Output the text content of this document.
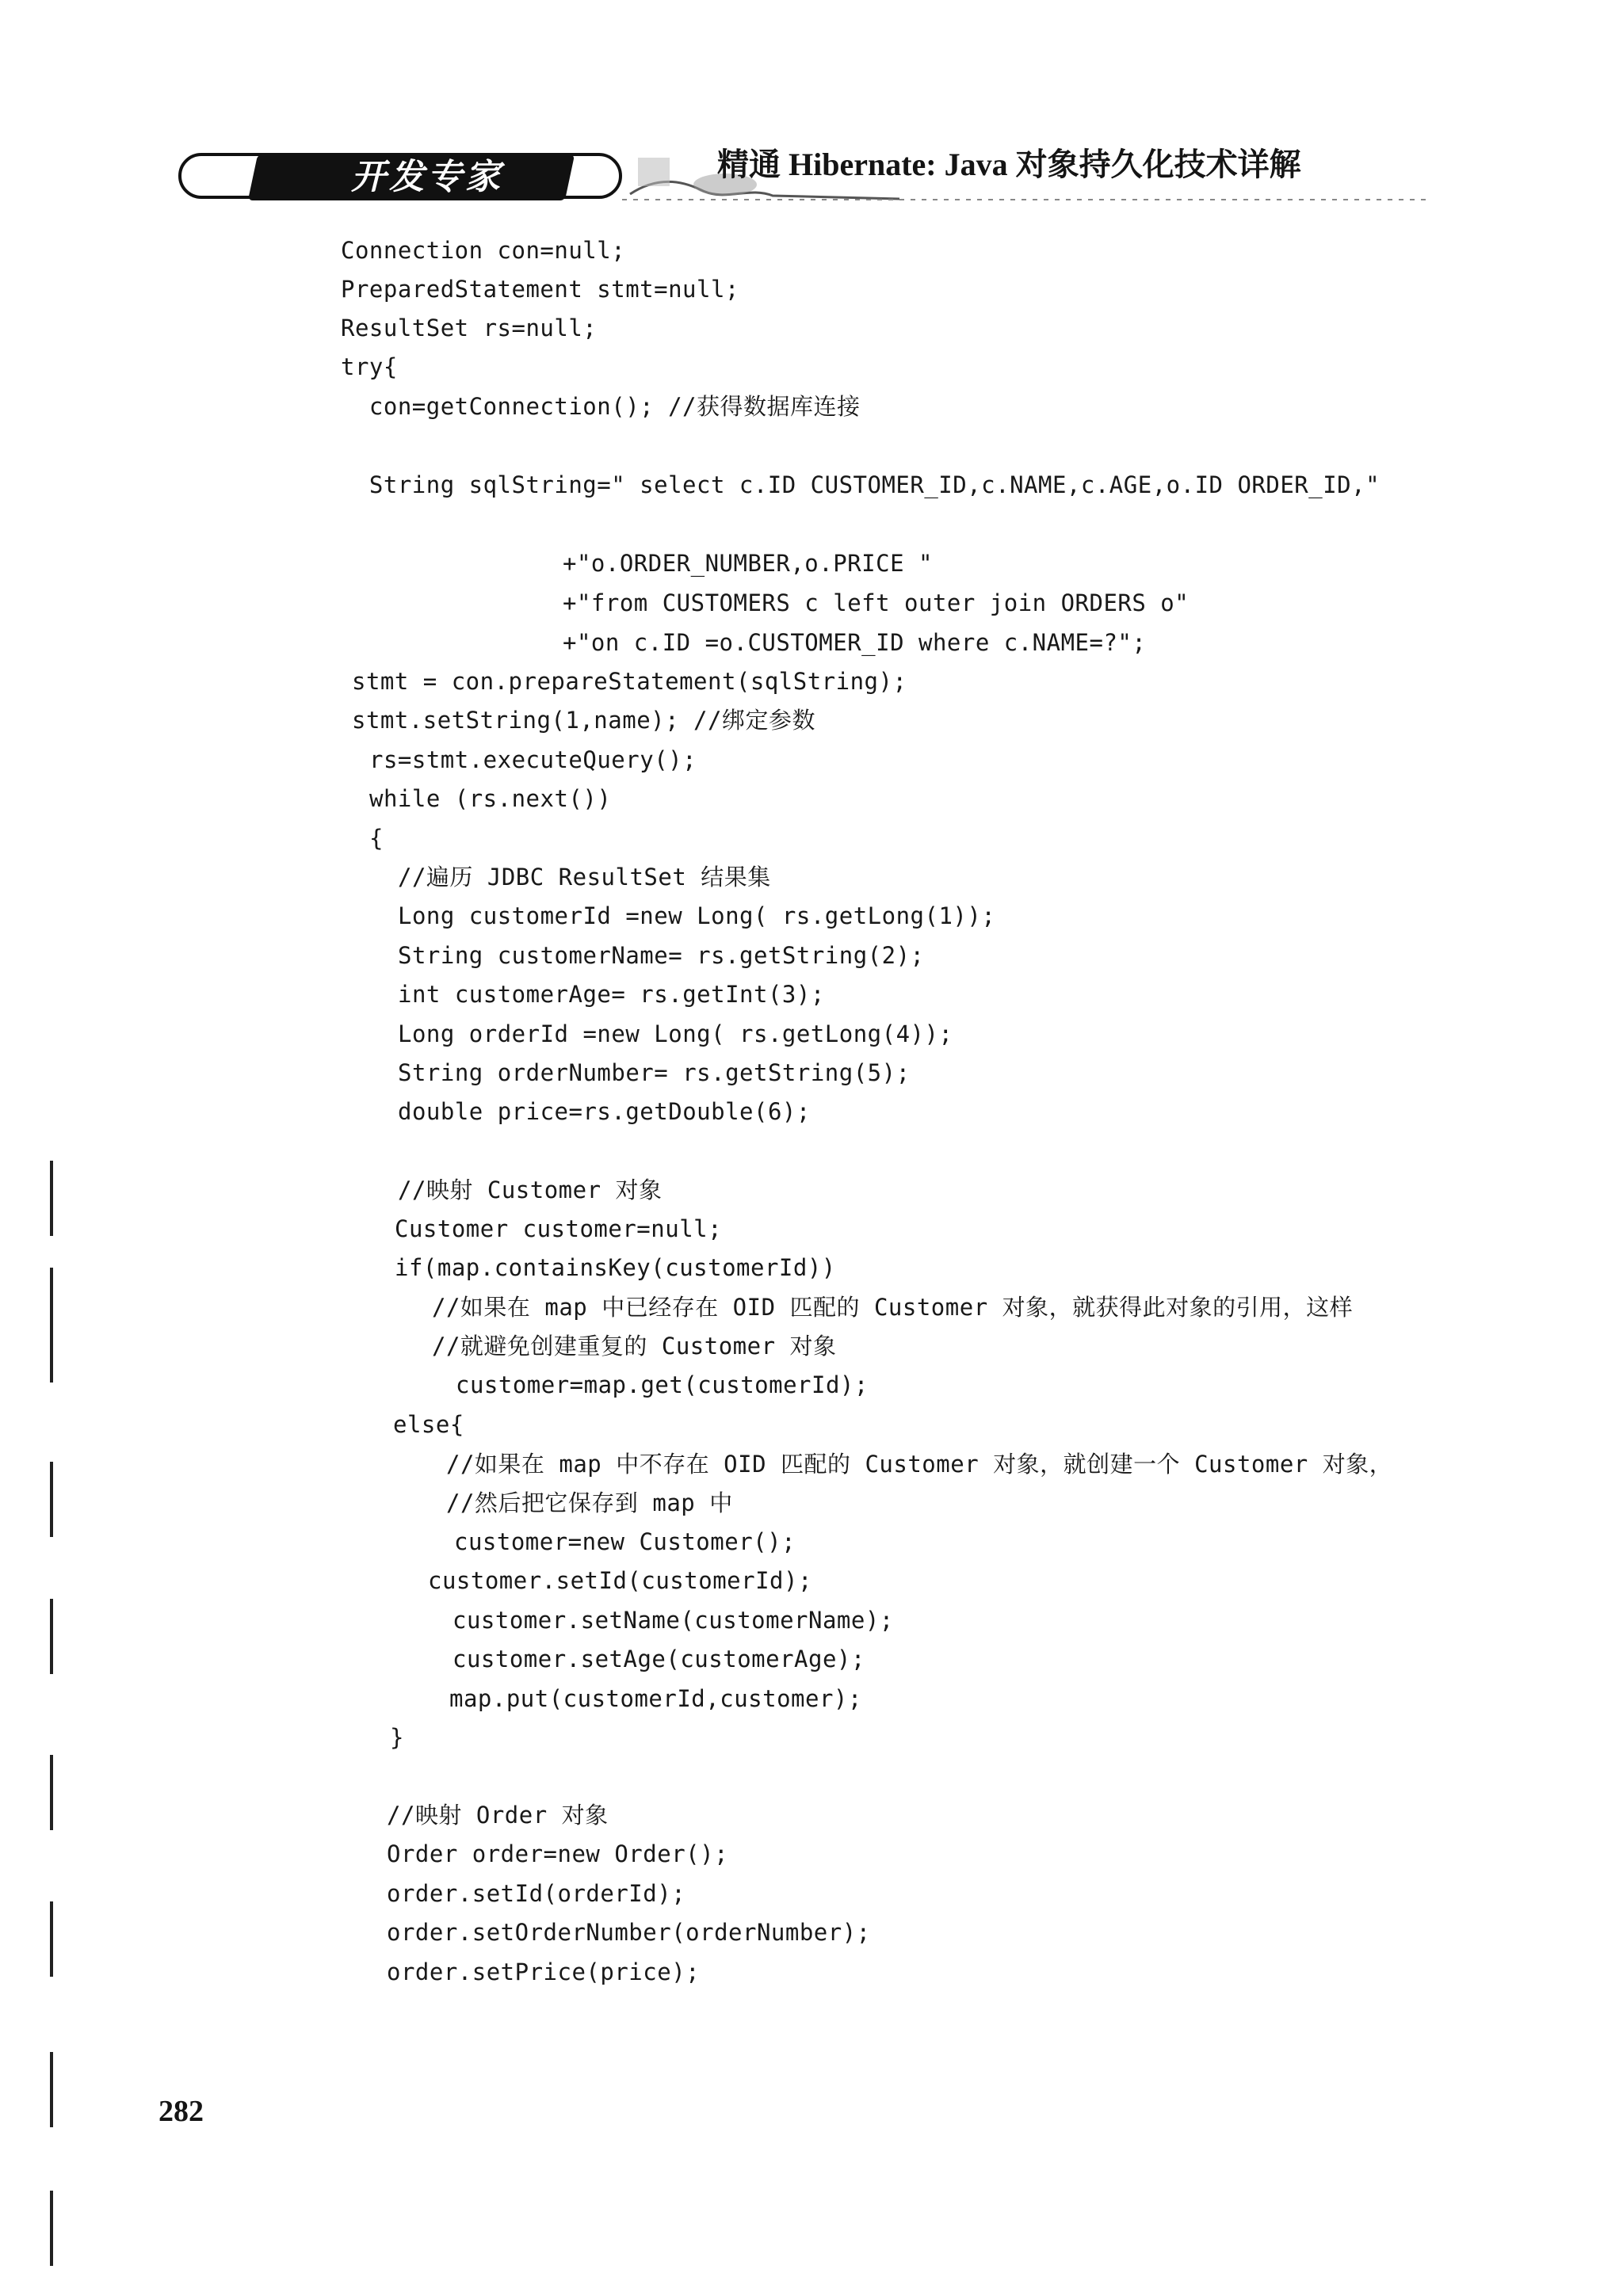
开发专家	精通 Hibernate: Java 对象持久化技术详解
Connection con=null;
PreparedStatement stmt=null;
ResultSet rs=null;
try{
con=getConnection(); //获得数据库连接
String sqlString=" select c.ID CUSTOMER_ID,c.NAME,c.AGE,o.ID ORDER_ID,"
+"o.ORDER_NUMBER,o.PRICE "
+"from CUSTOMERS c left outer join ORDERS o"
+"on c.ID =o.CUSTOMER_ID where c.NAME=?";
stmt = con.prepareStatement(sqlString);
stmt.setString(1,name); //绑定参数
rs=stmt.executeQuery();
while (rs.next())
{
//遍历 JDBC ResultSet 结果集
Long customerId =new Long( rs.getLong(1));
String customerName= rs.getString(2);
int customerAge= rs.getInt(3);
Long orderId =new Long( rs.getLong(4));
String orderNumber= rs.getString(5);
double price=rs.getDouble(6);
//映射 Customer 对象
Customer customer=null;
if(map.containsKey(customerId))
//如果在 map 中已经存在 OID 匹配的 Customer 对象，就获得此对象的引用，这样
//就避免创建重复的 Customer 对象
customer=map.get(customerId);
else{
//如果在 map 中不存在 OID 匹配的 Customer 对象，就创建一个 Customer 对象，
//然后把它保存到 map 中
customer=new Customer();
customer.setId(customerId);
customer.setName(customerName);
customer.setAge(customerAge);
map.put(customerId,customer);
}
//映射 Order 对象
Order order=new Order();
order.setId(orderId);
order.setOrderNumber(orderNumber);
order.setPrice(price);
282
